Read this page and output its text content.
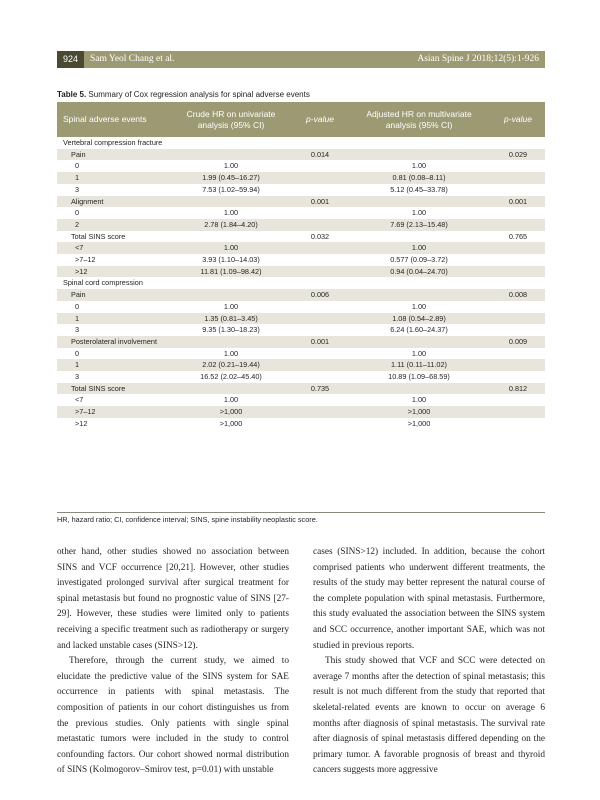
924	Sam Yeol Chang et al.	Asian Spine J 2018;12(5):1-926
Table 5. Summary of Cox regression analysis for spinal adverse events
Spinal adverse events	Crude HR on univariate analysis (95% CI)	p-value	Adjusted HR on multivariate analysis (95% CI)	p-value
Vertebral compression fracture				
Pain		0.014		0.029
0	1.00		1.00	
1	1.99 (0.45–16.27)		0.81 (0.08–8.11)	
3	7.53 (1.02–59.94)		5.12 (0.45–33.78)	
Alignment		0.001		0.001
0	1.00		1.00	
2	2.78 (1.84–4.20)		7.69 (2.13–15.48)	
Total SINS score		0.032		0.765
<7	1.00		1.00	
>7–12	3.93 (1.10–14.03)		0.577 (0.09–3.72)	
>12	11.81 (1.09–98.42)		0.94 (0.04–24.70)	
Spinal cord compression				
Pain		0.006		0.008
0	1.00		1.00	
1	1.35 (0.81–3.45)		1.08 (0.54–2.89)	
3	9.35 (1.30–18.23)		6.24 (1.60–24.37)	
Posterolateral involvement		0.001		0.009
0	1.00		1.00	
1	2.02 (0.21–19.44)		1.11 (0.11–11.02)	
3	16.52 (2.02–45.40)		10.89 (1.09–68.59)	
Total SINS score		0.735		0.812
<7	1.00		1.00	
>7–12	>1,000		>1,000	
>12	>1,000		>1,000	
HR, hazard ratio; CI, confidence interval; SINS, spine instability neoplastic score.

other hand, other studies showed no association between SINS and VCF occurrence [20,21]. However, other studies investigated prolonged survival after surgical treatment for spinal metastasis but found no prognostic value of SINS [27-29]. However, these studies were limited only to patients receiving a specific treatment such as radiotherapy or surgery and lacked unstable cases (SINS>12).

Therefore, through the current study, we aimed to elucidate the predictive value of the SINS system for SAE occurrence in patients with spinal metastasis. The composition of patients in our cohort distinguishes us from the previous studies. Only patients with single spinal metastatic tumors were included in the study to control confounding factors. Our cohort showed normal distribution of SINS (Kolmogorov–Smirov test, p=0.01) with unstable

cases (SINS>12) included. In addition, because the cohort comprised patients who underwent different treatments, the results of the study may better represent the natural course of the complete population with spinal metastasis. Furthermore, this study evaluated the association between the SINS system and SCC occurrence, another important SAE, which was not studied in previous reports.

This study showed that VCF and SCC were detected on average 7 months after the detection of spinal metastasis; this result is not much different from the study that reported that skeletal-related events are known to occur on average 6 months after diagnosis of spinal metastasis. The survival rate after diagnosis of spinal metastasis differed depending on the primary tumor. A favorable prognosis of breast and thyroid cancers suggests more aggressive
